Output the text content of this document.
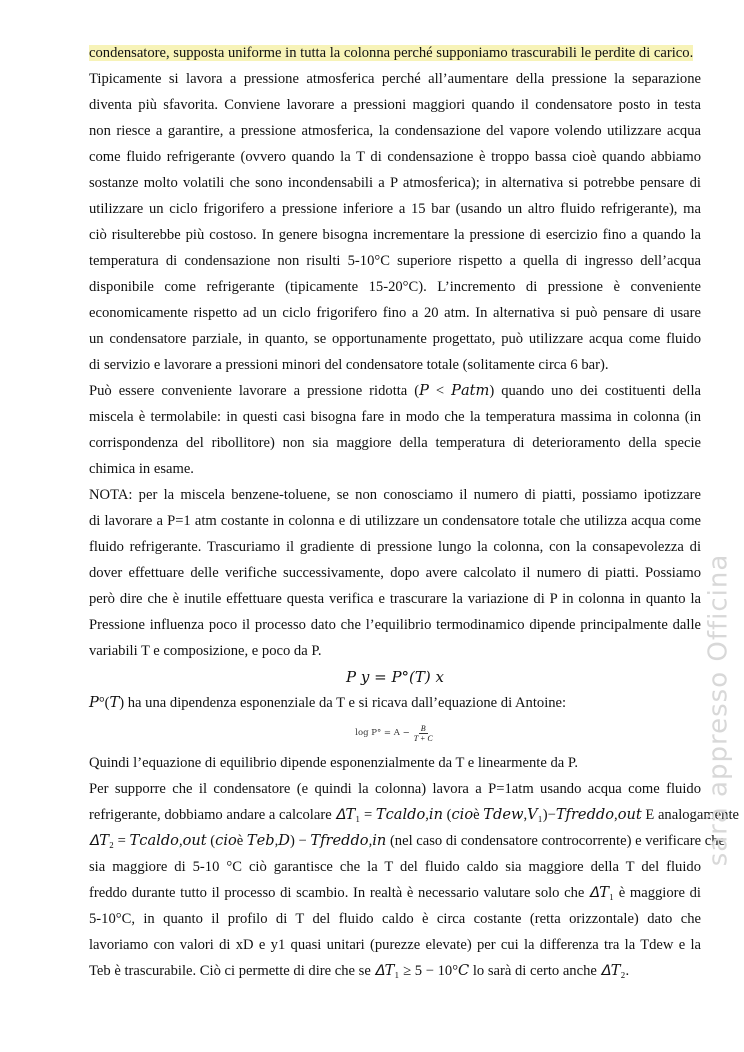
condensatore, supposta uniforme in tutta la colonna perché supponiamo trascurabili le perdite di carico.
Tipicamente si lavora a pressione atmosferica perché all’aumentare della pressione la separazione
diventa più sfavorita. Conviene lavorare a pressioni maggiori quando il condensatore posto in testa
non riesce a garantire, a pressione atmosferica, la condensazione del vapore volendo utilizzare acqua
come fluido refrigerante (ovvero quando la T di condensazione è troppo bassa cioè quando abbiamo
sostanze molto volatili che sono incondensabili a P atmosferica); in alternativa si potrebbe pensare di
utilizzare un ciclo frigorifero a pressione inferiore a 15 bar (usando un altro fluido refrigerante), ma
ciò risulterebbe più costoso. In genere bisogna incrementare la pressione di esercizio fino a quando la
temperatura di condensazione non risulti 5-10°C superiore rispetto a quella di ingresso dell’acqua
disponibile come refrigerante (tipicamente 15-20°C). L’incremento di pressione è conveniente
economicamente rispetto ad un ciclo frigorifero fino a 20 atm. In alternativa si può pensare di usare
un condensatore parziale, in quanto, se opportunamente progettato, può utilizzare acqua come fluido
di servizio e lavorare a pressioni minori del condensatore totale (solitamente circa 6 bar).
Può essere conveniente lavorare a pressione ridotta (𝑃 < 𝑃𝑎𝑡𝑚) quando uno dei costituenti della
miscela è termolabile: in questi casi bisogna fare in modo che la temperatura massima in colonna (in
corrispondenza del ribollitore) non sia maggiore della temperatura di deterioramento della specie
chimica in esame.
NOTA: per la miscela benzene-toluene, se non conosciamo il numero di piatti, possiamo ipotizzare
di lavorare a P=1 atm costante in colonna e di utilizzare un condensatore totale che utilizza acqua come
fluido refrigerante. Trascuriamo il gradiente di pressione lungo la colonna, con la consapevolezza di
dover effettuare delle verifiche successivamente, dopo avere calcolato il numero di piatti. Possiamo
però dire che è inutile effettuare questa verifica e trascurare la variazione di P in colonna in quanto la
Pressione influenza poco il processo dato che l’equilibrio termodinamico dipende principalmente dalle
variabili T e composizione, e poco da P.
𝑃 𝑦 = 𝑃°(𝑇) 𝑥
𝑃°(𝑇) ha una dipendenza esponenziale da T e si ricava dall’equazione di Antoine:
$\log P^\circ = A - \frac{B}{T + C}$
Quindi l’equazione di equilibrio dipende esponenzialmente da T e linearmente da P.
Per supporre che il condensatore (e quindi la colonna) lavora a P=1atm usando acqua come fluido
refrigerante, dobbiamo andare a calcolare 𝛥𝑇₁ = 𝑇𝑐𝑎𝑙𝑑𝑜,𝑖𝑛 (𝑐𝑖𝑜è 𝑇𝑑𝑒𝑤,𝑉₁)−𝑇𝑓𝑟𝑒𝑑𝑑𝑜,𝑜𝑢𝑡 E analogamente
𝛥𝑇₂ = 𝑇𝑐𝑎𝑙𝑑𝑜,𝑜𝑢𝑡 (𝑐𝑖𝑜è 𝑇𝑒𝑏,𝐷) − 𝑇𝑓𝑟𝑒𝑑𝑑𝑜,𝑖𝑛 (nel caso di condensatore controcorrente) e verificare che
sia maggiore di 5-10 °C ciò garantisce che la T del fluido caldo sia maggiore della T del fluido
freddo durante tutto il processo di scambio. In realtà è necessario valutare solo che 𝛥𝑇₁ è maggiore di
5-10°C, in quanto il profilo di T del fluido caldo è circa costante (retta orizzontale) dato che
lavoriamo con valori di xD e y1 quasi unitari (purezze elevate) per cui la differenza tra la Tdew e la
Teb è trascurabile. Ciò ci permette di dire che se 𝛥𝑇₁ ≥ 5 − 10°𝐶 lo sarà di certo anche 𝛥𝑇₂.
sarà appresso Officina
